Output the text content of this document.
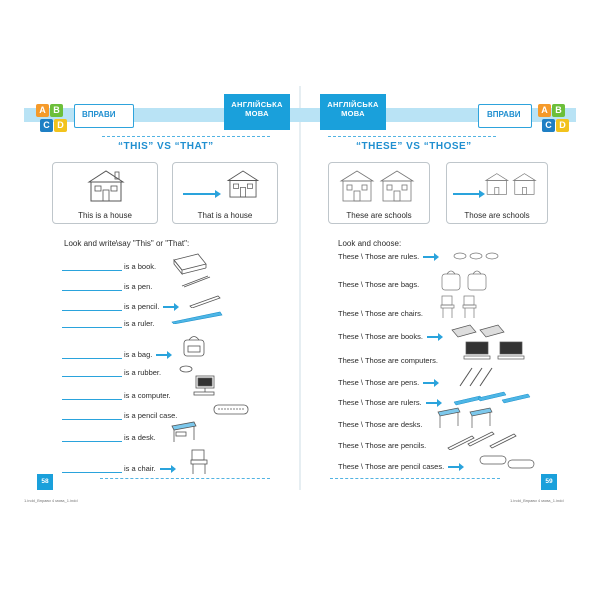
A B
C D
ВПРАВИ
АНГЛІЙСЬКА МОВА
АНГЛІЙСЬКА МОВА	ВПРАВИ	A B
C D
“THIS” VS “THAT”	“THESE” VS “THOSE”
This is a house	That is a house	These are schools	Those are schools
Look and write\say "This" or "That":	Look and choose:
is a book.
is a pen.
is a pencil.
is a ruler.
is a bag.
is a rubber.
is a computer.
is a pencil case.
is a desk.
is a chair.
These \ Those are rules.
These \ Those are bags.
These \ Those are chairs.
These \ Those are books.
These \ Those are computers.
These \ Those are pens.
These \ Those are rulers.
These \ Those are desks.
These \ Those are pencils.
These \ Those are pencil cases.
58	59
1.indd_Вправи 4 мова_1.indd	1.indd_Вправи 4 мова_1.indd
